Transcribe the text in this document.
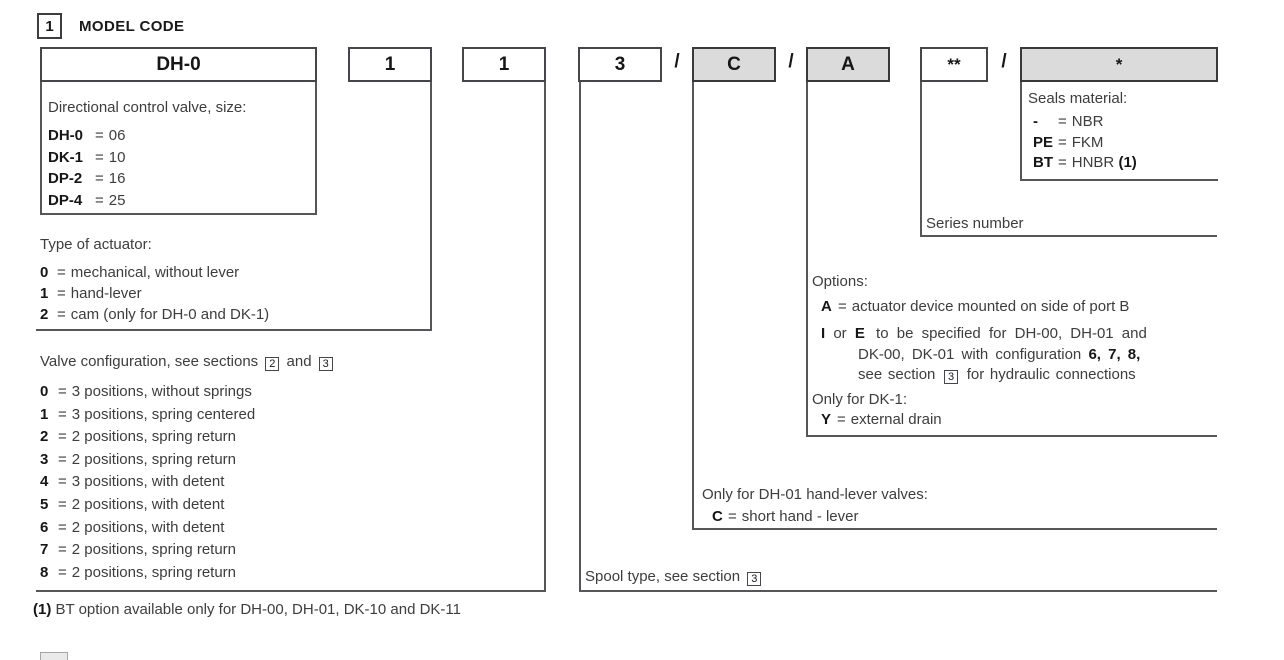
1	MODEL CODE
DH-0	1	1	3	/	C	/	A	**	/	*
Directional control valve, size:
DH-0 = 06
DK-1 = 10
DP-2 = 16
DP-4 = 25
Type of actuator:
0 = mechanical, without lever
1 = hand-lever
2 = cam (only for DH-0 and DK-1)
Valve configuration, see sections 2 and 3
0 = 3 positions, without springs
1 = 3 positions, spring centered
2 = 2 positions, spring return
3 = 2 positions, spring return
4 = 3 positions, with detent
5 = 2 positions, with detent
6 = 2 positions, with detent
7 = 2 positions, spring return
8 = 2 positions, spring return	Spool type, see section 3
Only for DH-01 hand-lever valves:
C = short hand - lever
Options:
A = actuator device mounted on side of port B
I or E to be specified for DH-00, DH-01 and
DK-00, DK-01 with configuration 6, 7, 8,
see section 3 for hydraulic connections
Only for DK-1:
Y = external drain
Series number
Seals material:
- = NBR
PE = FKM
BT = HNBR (1)
(1) BT option available only for DH-00, DH-01, DK-10 and DK-11
